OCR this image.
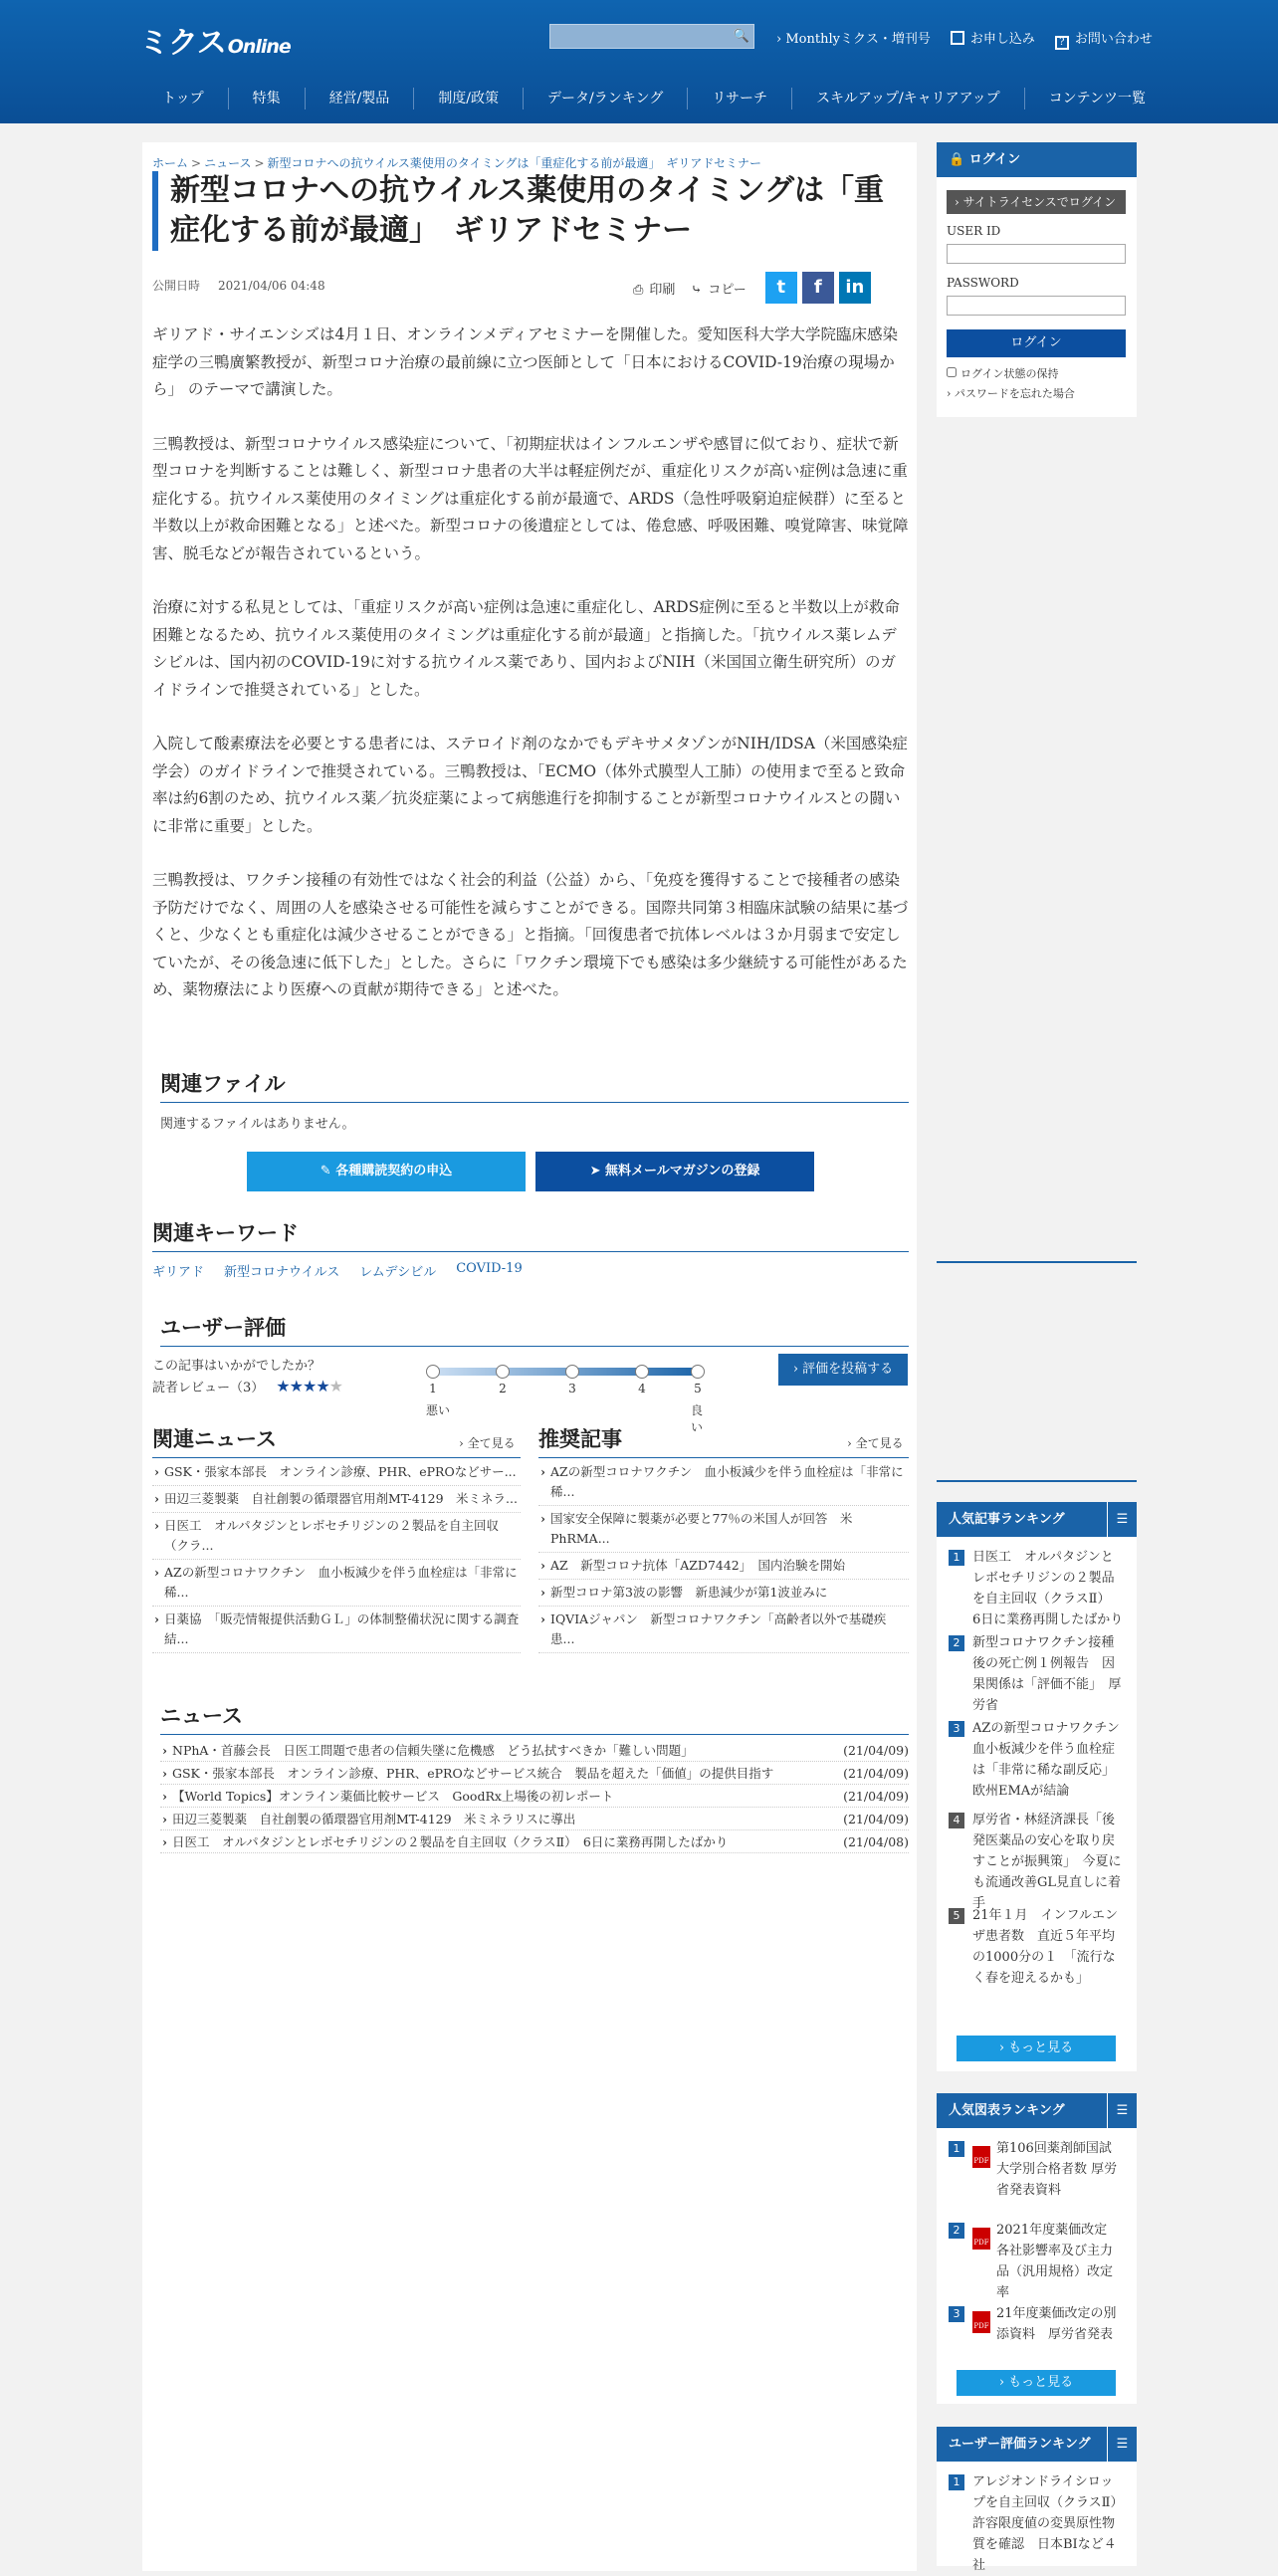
ミクス Online	🔍 › Monthlyミクス・増刊号	お申し込み	? お問い合わせ
トップ	特集	経営/製品	制度/政策	データ/ランキング	リサーチ	スキルアップ/キャリアアップ	コンテンツ一覧
ホーム > ニュース > 新型コロナへの抗ウイルス薬使用のタイミングは「重症化する前が最適」　ギリアドセミナー
新型コロナへの抗ウイルス薬使用のタイミングは「重症化する前が最適」　ギリアドセミナー
公開日時 2021/04/06 04:48	⎙ 印刷 ⤷ コピー	t	f	in

ギリアド・サイエンシズは4月１日、オンラインメディアセミナーを開催した。愛知医科大学大学院臨床感染症学の三鴨廣繁教授が、新型コロナ治療の最前線に立つ医師として「日本におけるCOVID-19治療の現場から」 のテーマで講演した。

三鴨教授は、新型コロナウイルス感染症について、「初期症状はインフルエンザや感冒に似ており、症状で新型コロナを判断することは難しく、新型コロナ患者の大半は軽症例だが、重症化リスクが高い症例は急速に重症化する。抗ウイルス薬使用のタイミングは重症化する前が最適で、ARDS（急性呼吸窮迫症候群）に至ると半数以上が救命困難となる」と述べた。新型コロナの後遺症としては、倦怠感、呼吸困難、嗅覚障害、味覚障害、脱毛などが報告されているという。

治療に対する私見としては、「重症リスクが高い症例は急速に重症化し、ARDS症例に至ると半数以上が救命困難となるため、抗ウイルス薬使用のタイミングは重症化する前が最適」と指摘した。「抗ウイルス薬レムデシビルは、国内初のCOVID-19に対する抗ウイルス薬であり、国内およびNIH（米国国立衛生研究所）のガイドラインで推奨されている」とした。

入院して酸素療法を必要とする患者には、ステロイド剤のなかでもデキサメタゾンがNIH/IDSA（米国感染症学会）のガイドラインで推奨されている。三鴨教授は、「ECMO（体外式膜型人工肺）の使用まで至ると致命率は約6割のため、抗ウイルス薬／抗炎症薬によって病態進行を抑制することが新型コロナウイルスとの闘いに非常に重要」とした。

三鴨教授は、ワクチン接種の有効性ではなく社会的利益（公益）から、「免疫を獲得することで接種者の感染予防だけでなく、周囲の人を感染させる可能性を減らすことができる。国際共同第３相臨床試験の結果に基づくと、少なくとも重症化は減少させることができる」と指摘。「回復患者で抗体レベルは３か月弱まで安定していたが、その後急速に低下した」とした。さらに「ワクチン環境下でも感染は多少継続する可能性があるため、薬物療法により医療への貢献が期待できる」と述べた。

関連ファイル
関連するファイルはありません。
✎ 各種購読契約の申込	➤ 無料メールマガジンの登録
関連キーワード
ギリアド 新型コロナウイルス レムデシビル COVID-19
ユーザー評価
この記事はいかがでしたか？
読者レビュー（3） ★★★★★	1	2	3	4	5
悪い	良い
› 評価を投稿する
関連ニュース	› 全て見る
› GSK・張家本部長　オンライン診療、PHR、ePROなどサー...
› 田辺三菱製薬　自社創製の循環器官用剤MT-4129　米ミネラ...
› 日医工　オルパタジンとレボセチリジンの２製品を自主回収（クラ...
› AZの新型コロナワクチン　血小板減少を伴う血栓症は「非常に稀...
› 日薬協　「販売情報提供活動ＧＬ」の体制整備状況に関する調査結...
推奨記事	› 全て見る
› AZの新型コロナワクチン　血小板減少を伴う血栓症は「非常に稀...
› 国家安全保障に製薬が必要と77％の米国人が回答　米PhRMA...
› AZ　新型コロナ抗体「AZD7442」　国内治験を開始
› 新型コロナ第3波の影響　新患減少が第1波並みに
› IQVIAジャパン　新型コロナワクチン「高齢者以外で基礎疾患...
ニュース
› NPhA・首藤会長　日医工問題で患者の信頼失墜に危機感　どう払拭すべきか「難しい問題」	(21/04/09)
› GSK・張家本部長　オンライン診療、PHR、ePROなどサービス統合　製品を超えた「価値」の提供目指す	(21/04/09)
› 【World Topics】オンライン薬価比較サービス　GoodRx上場後の初レポート	(21/04/09)
› 田辺三菱製薬　自社創製の循環器官用剤MT-4129　米ミネラリスに導出	(21/04/09)
› 日医工　オルパタジンとレボセチリジンの２製品を自主回収（クラスⅡ）　6日に業務再開したばかり	(21/04/08)
🔒 ログイン
› サイトライセンスでログイン
USER ID
PASSWORD
ログイン
ログイン状態の保持
› パスワードを忘れた場合
人気記事ランキング	☰
1 日医工　オルパタジンとレボセチリジンの２製品を自主回収（クラスⅡ）　6日に業務再開したばかり
2 新型コロナワクチン接種後の死亡例１例報告　因果関係は「評価不能」　厚労省
3 AZの新型コロナワクチン　血小板減少を伴う血栓症は「非常に稀な副反応」　欧州EMAが結論
4 厚労省・林経済課長「後発医薬品の安心を取り戻すことが振興策」　今夏にも流通改善GL見直しに着手
5 21年１月　インフルエンザ患者数　直近５年平均の1000分の１　「流行なく春を迎えるかも」
› もっと見る
人気図表ランキング	☰
1
PDF
第106回薬剤師国試 大学別合格者数 厚労省発表資料
2
PDF
2021年度薬価改定　各社影響率及び主力品（汎用規格）改定率
3
PDF
21年度薬価改定の別添資料　厚労省発表
› もっと見る
ユーザー評価ランキング	☰
1 アレジオンドライシロップを自主回収（クラスⅡ）　許容限度値の変異原性物質を確認　日本BIなど４社
